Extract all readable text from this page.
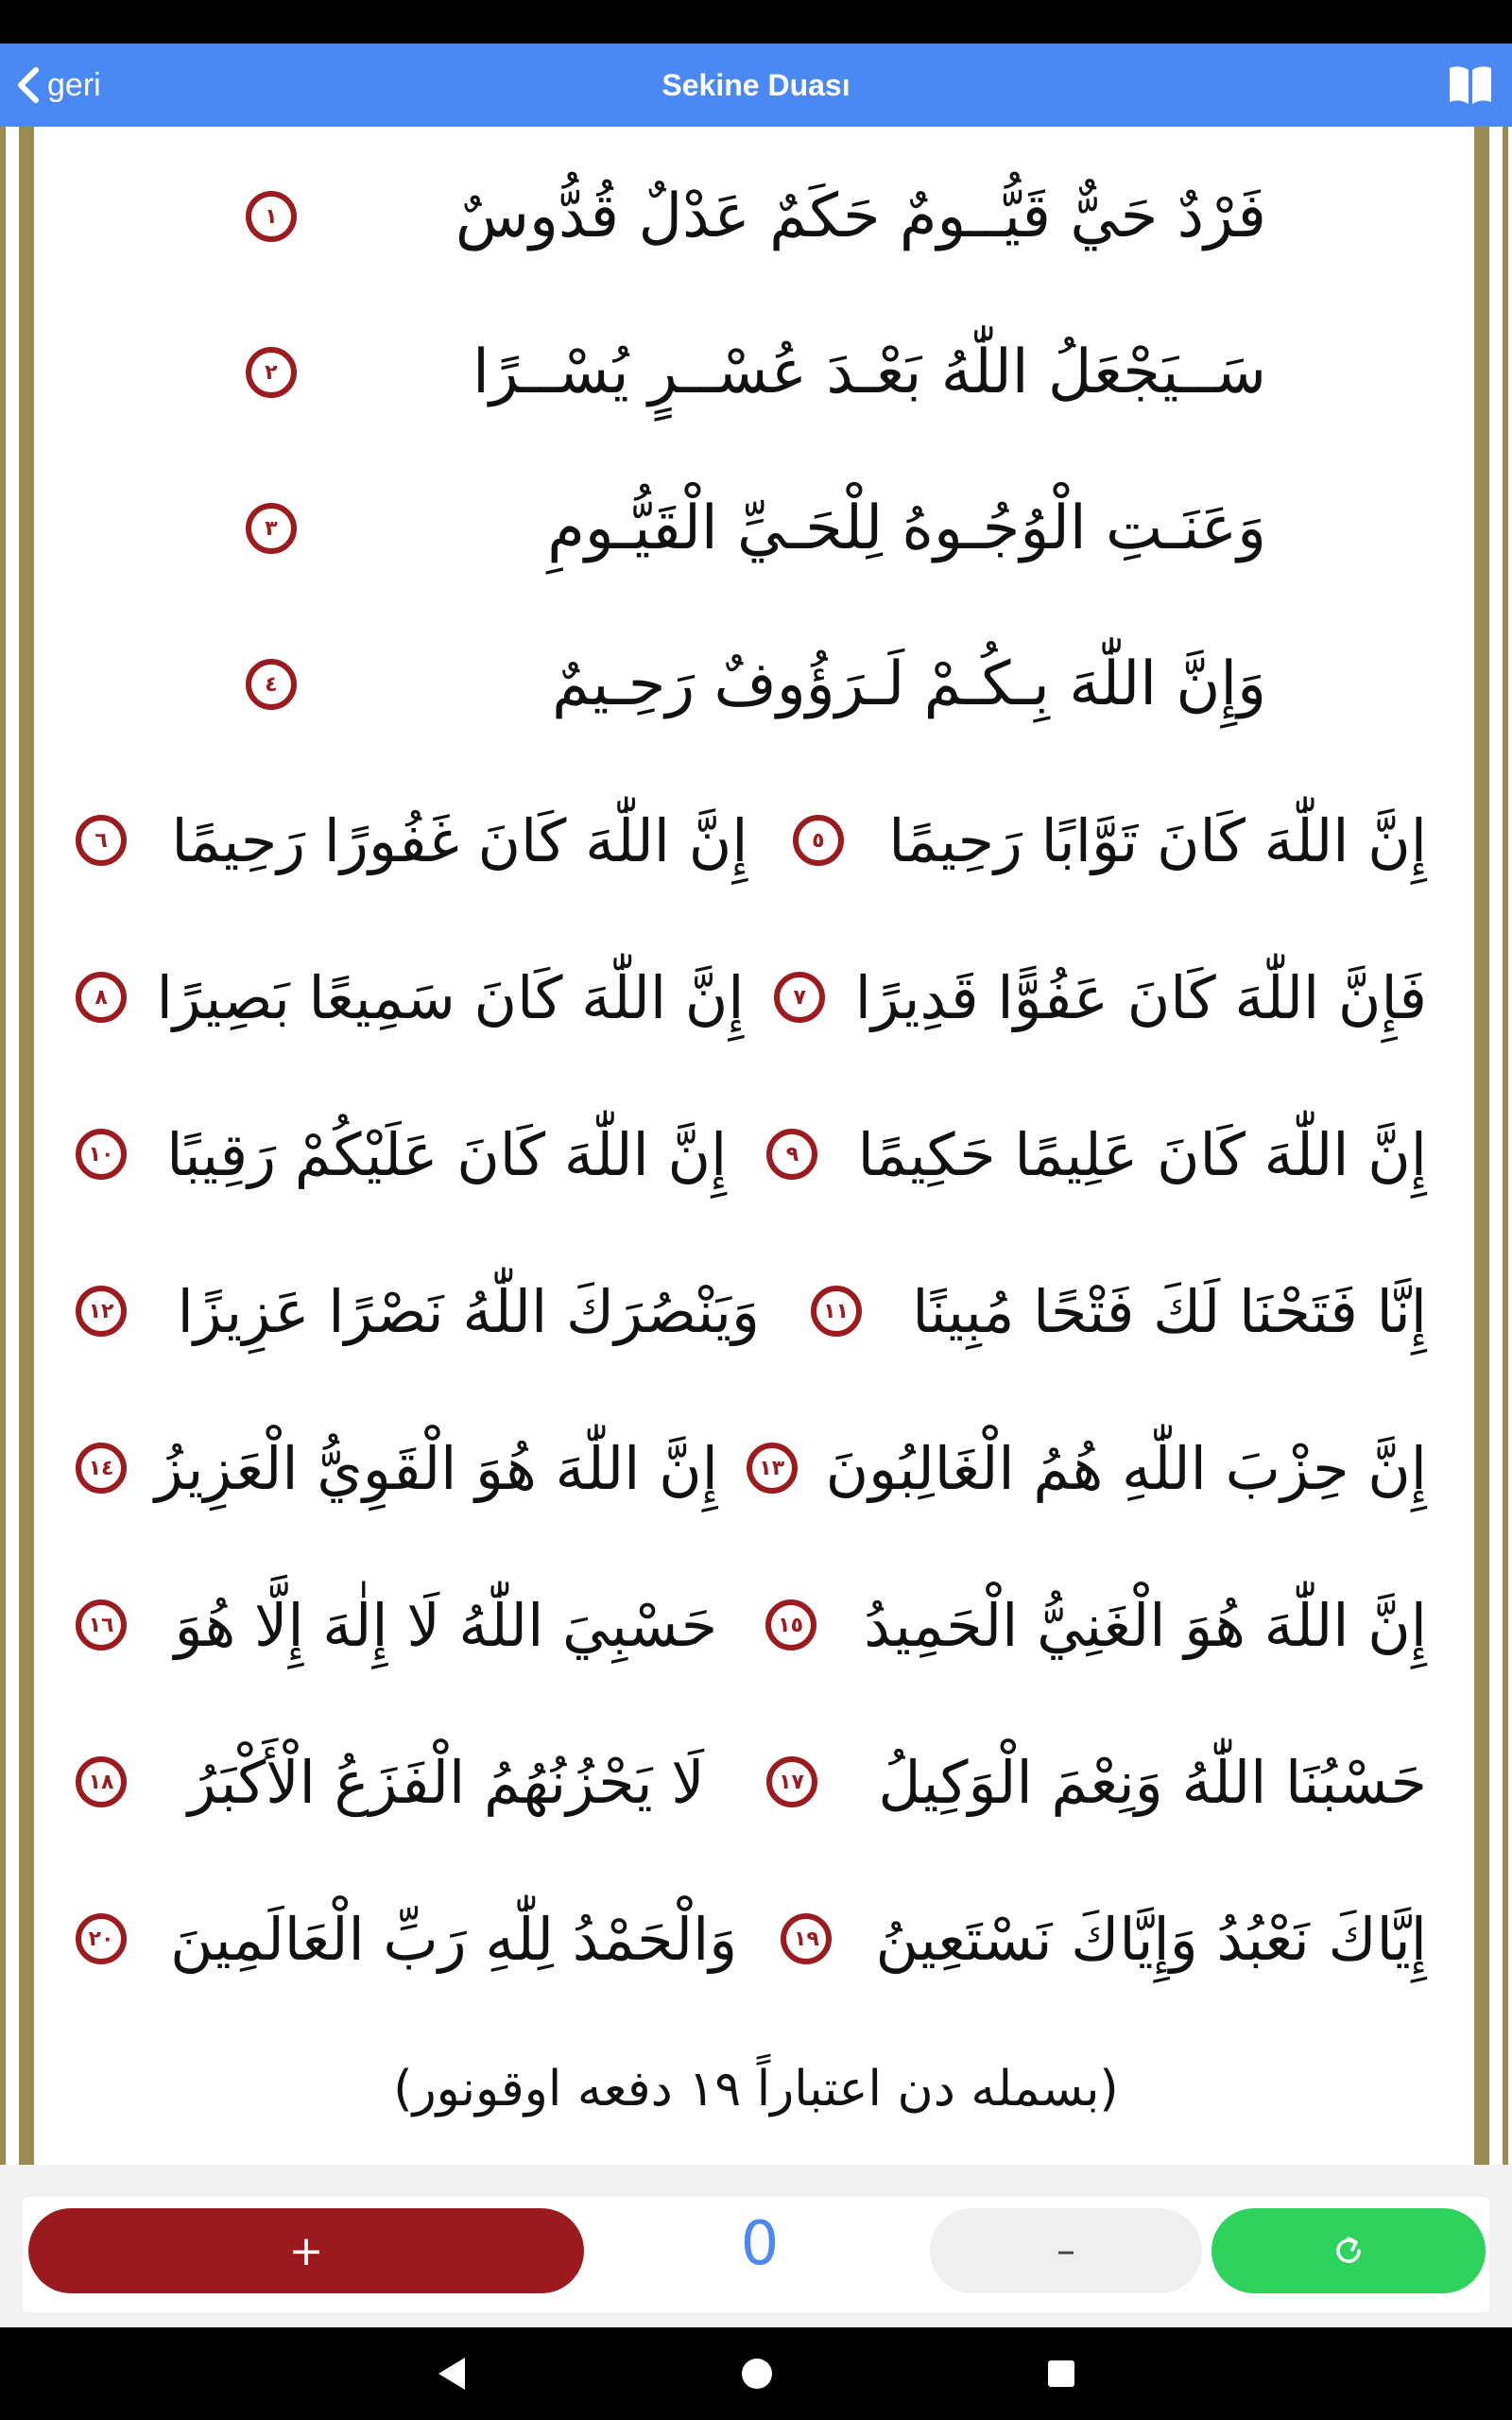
geri	Sekine Duası
فَرْدٌ حَيٌّ قَيُّــومٌ حَكَمٌ عَدْلٌ قُدُّوسٌ
١
سَــيَجْعَلُ اللّٰهُ بَعْـدَ عُسْــرٍ يُسْــرًا
٢
وَعَنَـتِ الْوُجُـوهُ لِلْحَـيِّ الْقَيُّـومِ
٣
وَإِنَّ اللّٰهَ بِـكُـمْ لَـرَؤُوفٌ رَحِـيمٌ
٤
إِنَّ اللّٰهَ كَانَ تَوَّابًا رَحِيمًا
٥
إِنَّ اللّٰهَ كَانَ غَفُورًا رَحِيمًا
٦
فَإِنَّ اللّٰهَ كَانَ عَفُوًّا قَدِيرًا
٧
إِنَّ اللّٰهَ كَانَ سَمِيعًا بَصِيرًا
٨
إِنَّ اللّٰهَ كَانَ عَلِيمًا حَكِيمًا
٩
إِنَّ اللّٰهَ كَانَ عَلَيْكُمْ رَقِيبًا
١٠
إِنَّا فَتَحْنَا لَكَ فَتْحًا مُبِينًا
١١
وَيَنْصُرَكَ اللّٰهُ نَصْرًا عَزِيزًا
١٢
إِنَّ حِزْبَ اللّٰهِ هُمُ الْغَالِبُونَ
١٣
إِنَّ اللّٰهَ هُوَ الْقَوِيُّ الْعَزِيزُ
١٤
إِنَّ اللّٰهَ هُوَ الْغَنِيُّ الْحَمِيدُ
١٥
حَسْبِيَ اللّٰهُ لَا إِلٰهَ إِلَّا هُوَ
١٦
حَسْبُنَا اللّٰهُ وَنِعْمَ الْوَكِيلُ
١٧
لَا يَحْزُنُهُمُ الْفَزَعُ الْأَكْبَرُ
١٨
إِيَّاكَ نَعْبُدُ وَإِيَّاكَ نَسْتَعِينُ
١٩
وَالْحَمْدُ لِلّٰهِ رَبِّ الْعَالَمِينَ
٢٠
(بسمله دن اعتباراً ١٩ دفعه اوقونور)
+	0	–
